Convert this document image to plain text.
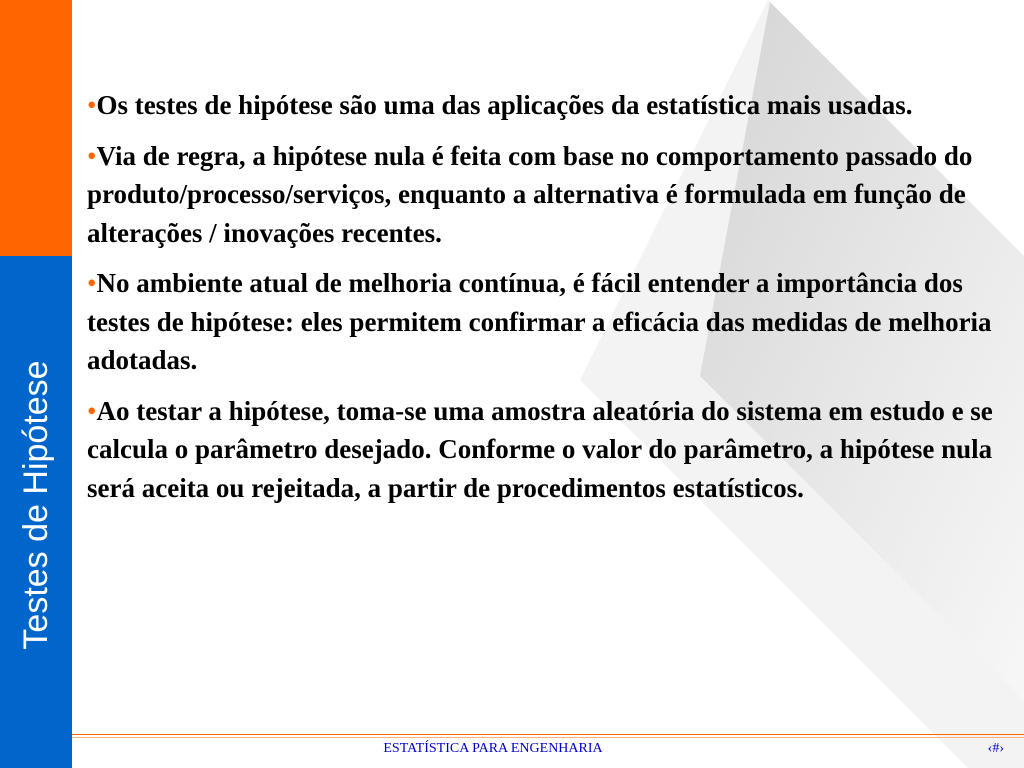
Testes de Hipótese

•Os testes de hipótese são uma das aplicações da estatística mais usadas.

•Via de regra, a hipótese nula é feita com base no comportamento passado do produto/processo/serviços, enquanto a alternativa é formulada em função de alterações / inovações recentes.

•No ambiente atual de melhoria contínua, é fácil entender a importância dos testes de hipótese: eles permitem confirmar a eficácia das medidas de melhoria adotadas.

•Ao testar a hipótese, toma-se uma amostra aleatória do sistema em estudo e se calcula o parâmetro desejado. Conforme o valor do parâmetro, a hipótese nula será aceita ou rejeitada, a partir de procedimentos estatísticos.

ESTATÍSTICA PARA ENGENHARIA	‹#›
